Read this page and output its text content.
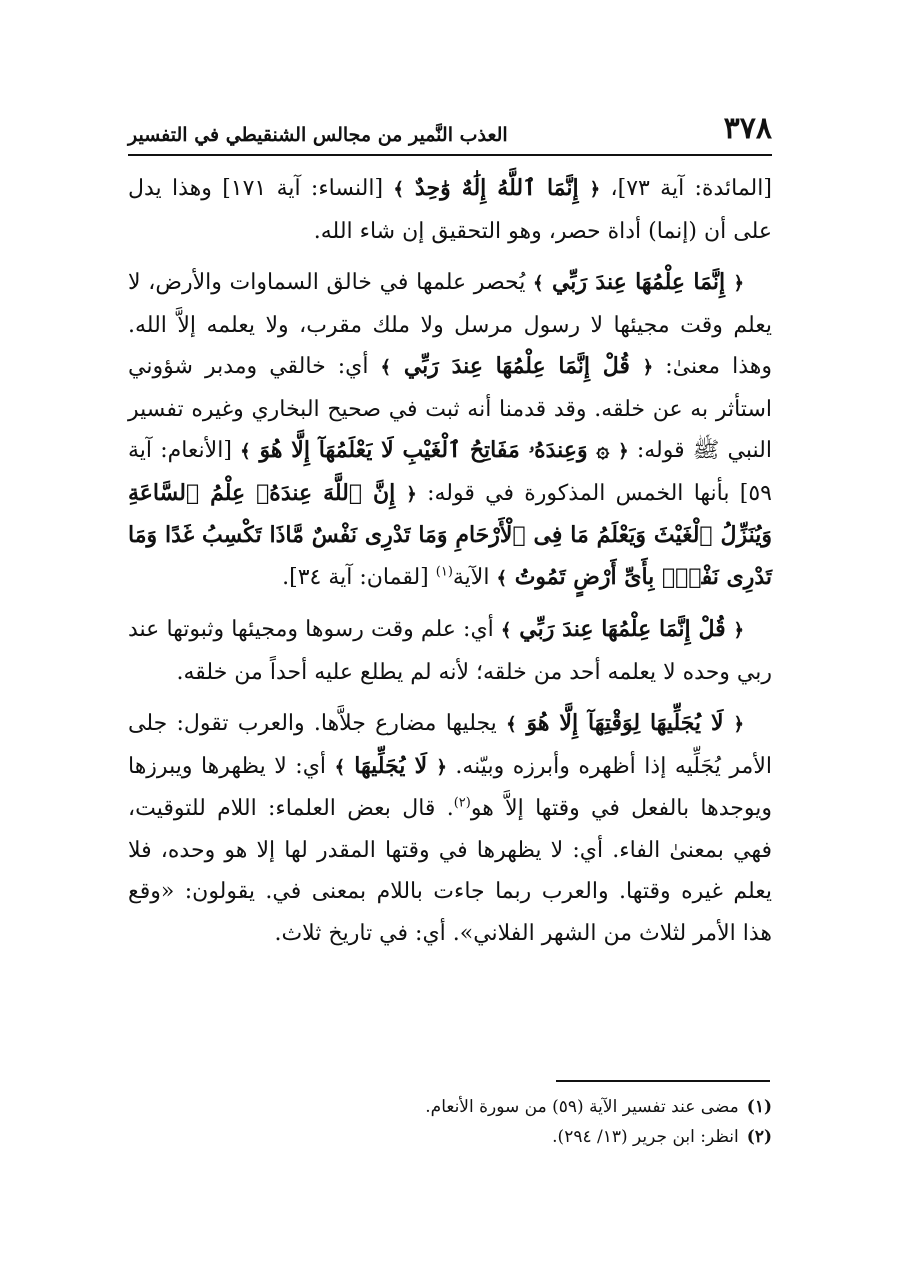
٣٧٨
العذب النَّمير من مجالس الشنقيطي في التفسير

[المائدة: آية ٧٣]، ﴿ إِنَّمَا ٱللَّهُ إِلَٰهٌ وَٰحِدٌ ﴾ [النساء: آية ١٧١] وهذا يدل على أن (إنما) أداة حصر، وهو التحقيق إن شاء الله.

﴿ إِنَّمَا عِلْمُهَا عِندَ رَبِّي ﴾ يُحصر علمها في خالق السماوات والأرض، لا يعلم وقت مجيئها لا رسول مرسل ولا ملك مقرب، ولا يعلمه إلاَّ الله. وهذا معنىٰ: ﴿ قُلْ إِنَّمَا عِلْمُهَا عِندَ رَبِّي ﴾ أي: خالقي ومدبر شؤوني استأثر به عن خلقه. وقد قدمنا أنه ثبت في صحيح البخاري وغيره تفسير النبي ﷺ قوله: ﴿ ۞ وَعِندَهُۥ مَفَاتِحُ ٱلْغَيْبِ لَا يَعْلَمُهَآ إِلَّا هُوَ ﴾ [الأنعام: آية ٥٩] بأنها الخمس المذكورة في قوله: ﴿ إِنَّ ٱللَّهَ عِندَهُۥ عِلْمُ ٱلسَّاعَةِ وَيُنَزِّلُ ٱلْغَيْثَ وَيَعْلَمُ مَا فِى ٱلْأَرْحَامِ وَمَا تَدْرِى نَفْسٌ مَّاذَا تَكْسِبُ غَدًا وَمَا تَدْرِى نَفْسٌۢ بِأَىِّ أَرْضٍ تَمُوتُ ﴾ الآية$^{(١)}$ [لقمان: آية ٣٤].

﴿ قُلْ إِنَّمَا عِلْمُهَا عِندَ رَبِّي ﴾ أي: علم وقت رسوها ومجيئها وثبوتها عند ربي وحده لا يعلمه أحد من خلقه؛ لأنه لم يطلع عليه أحداً من خلقه.

﴿ لَا يُجَلِّيهَا لِوَقْتِهَآ إِلَّا هُوَ ﴾ يجليها مضارع جلاَّها. والعرب تقول: جلى الأمر يُجَلِّيه إذا أظهره وأبرزه وبيّنه. ﴿ لَا يُجَلِّيهَا ﴾ أي: لا يظهرها ويبرزها ويوجدها بالفعل في وقتها إلاَّ هو$^{(٢)}$. قال بعض العلماء: اللام للتوقيت، فهي بمعنىٰ الفاء. أي: لا يظهرها في وقتها المقدر لها إلا هو وحده، فلا يعلم غيره وقتها. والعرب ربما جاءت باللام بمعنى في. يقولون: «وقع هذا الأمر لثلاث من الشهر الفلاني». أي: في تاريخ ثلاث.

(١)مضى عند تفسير الآية (٥٩) من سورة الأنعام.

(٢)انظر: ابن جرير (١٣/ ٢٩٤).
